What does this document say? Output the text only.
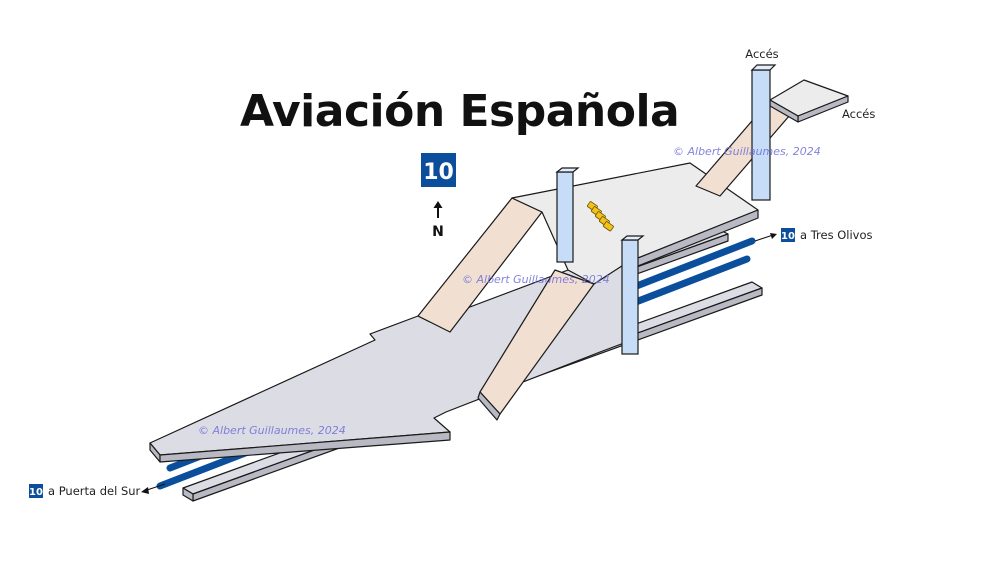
Aviación Española
10
N
Accés
Accés
10 a Tres Olivos
10 a Puerta del Sur
© Albert Guillaumes, 2024
© Albert Guillaumes, 2024
© Albert Guillaumes, 2024
